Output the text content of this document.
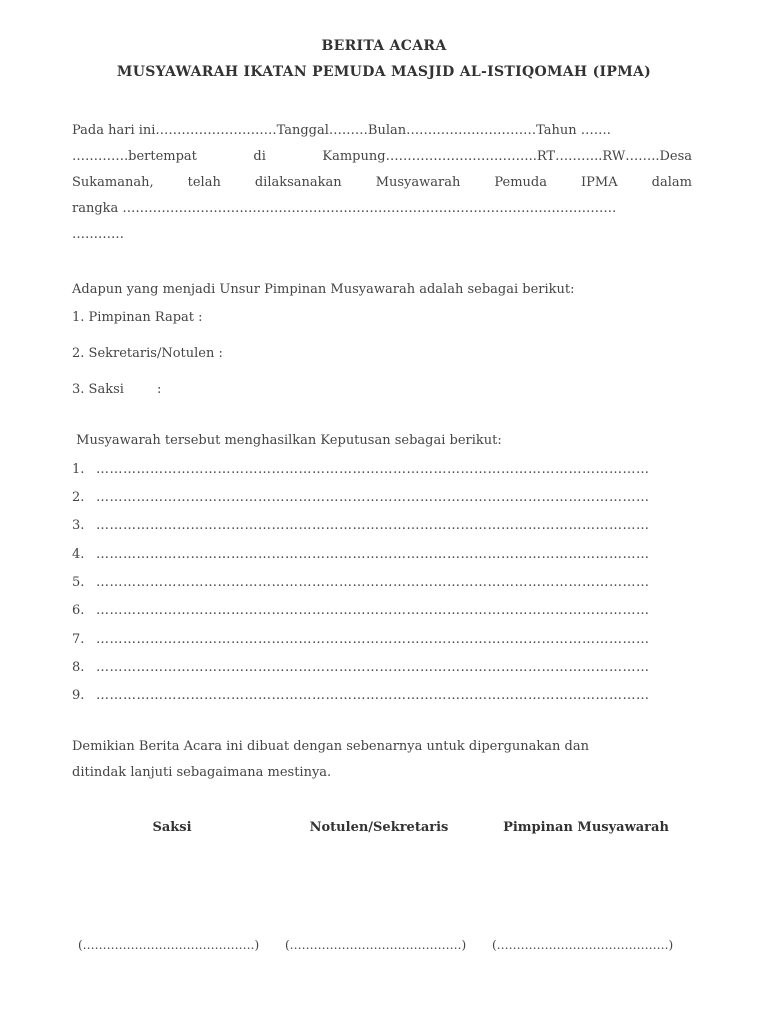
BERITA ACARA
MUSYAWARAH IKATAN PEMUDA MASJID AL-ISTIQOMAH (IPMA)
Pada hari ini……………………….Tanggal………Bulan…………………………Tahun …….
………….bertempat	di	Kampung……………………………..RT………..RW……..Desa
Sukamanah,	telah	dilaksanakan	Musyawarah	Pemuda	IPMA	dalam
rangka ……………………………………………………………………………………………………
…………
Adapun yang menjadi Unsur Pimpinan Musyawarah adalah sebagai berikut:
1. Pimpinan Rapat :
2. Sekretaris/Notulen :
3. Saksi        :
Musyawarah tersebut menghasilkan Keputusan sebagai berikut:
1. ……………………………………………………………………………………………………………
2. ……………………………………………………………………………………………………………
3. ……………………………………………………………………………………………………………
4. ……………………………………………………………………………………………………………
5. ……………………………………………………………………………………………………………
6. ……………………………………………………………………………………………………………
7. ……………………………………………………………………………………………………………
8. ……………………………………………………………………………………………………………
9. ……………………………………………………………………………………………………………
Demikian Berita Acara ini dibuat dengan sebenarnya untuk dipergunakan dan
ditindak lanjuti sebagaimana mestinya.
Saksi	Notulen/Sekretaris	Pimpinan Musyawarah
(…………………………………….) (…………………………………….) (…………………………………….)
